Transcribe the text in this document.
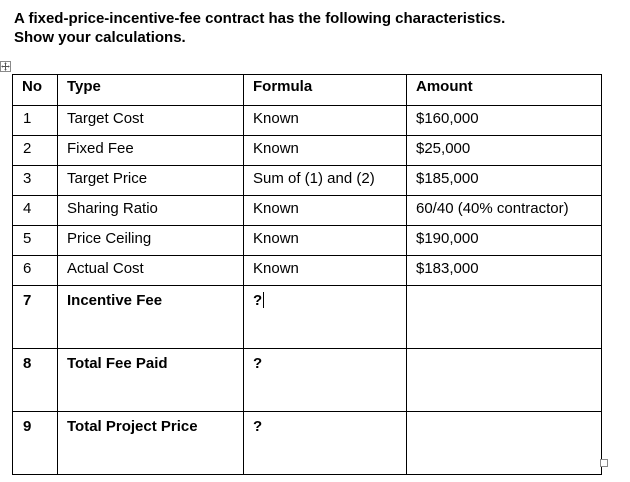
A fixed-price-incentive-fee contract has the following characteristics.
Show your calculations.
No	Type	Formula	Amount
1	Target Cost	Known	$160,000
2	Fixed Fee	Known	$25,000
3	Target Price	Sum of (1) and (2)	$185,000
4	Sharing Ratio	Known	60/40 (40% contractor)
5	Price Ceiling	Known	$190,000
6	Actual Cost	Known	$183,000
7	Incentive Fee	?	
8	Total Fee Paid	?	
9	Total Project Price	?	
